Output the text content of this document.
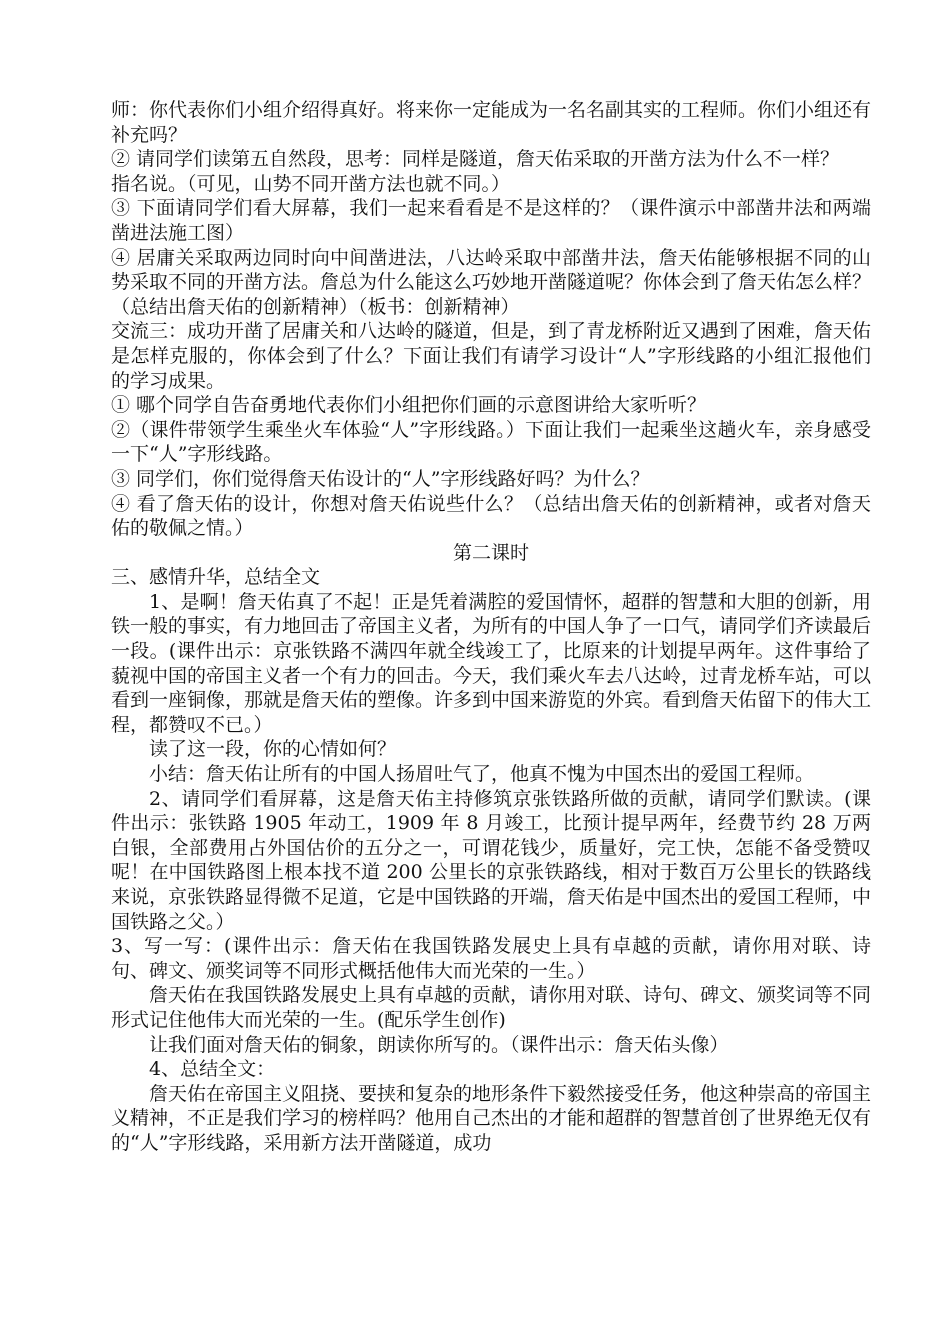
师：你代表你们小组介绍得真好。将来你一定能成为一名名副其实的工程师。你们小组还有补充吗？

② 请同学们读第五自然段，思考：同样是隧道，詹天佑采取的开凿方法为什么不一样？

指名说。（可见，山势不同开凿方法也就不同。）

③ 下面请同学们看大屏幕，我们一起来看看是不是这样的？（课件演示中部凿井法和两端凿进法施工图）

④ 居庸关采取两边同时向中间凿进法，八达岭采取中部凿井法，詹天佑能够根据不同的山势采取不同的开凿方法。詹总为什么能这么巧妙地开凿隧道呢？你体会到了詹天佑怎么样？（总结出詹天佑的创新精神）（板书：创新精神）

交流三：成功开凿了居庸关和八达岭的隧道，但是，到了青龙桥附近又遇到了困难，詹天佑是怎样克服的，你体会到了什么？下面让我们有请学习设计“人”字形线路的小组汇报他们的学习成果。

① 哪个同学自告奋勇地代表你们小组把你们画的示意图讲给大家听听？

②（课件带领学生乘坐火车体验“人”字形线路。）下面让我们一起乘坐这趟火车，亲身感受一下“人”字形线路。

③ 同学们，你们觉得詹天佑设计的“人”字形线路好吗？为什么？

④ 看了詹天佑的设计，你想对詹天佑说些什么？（总结出詹天佑的创新精神，或者对詹天佑的敬佩之情。）

第二课时

三、感情升华，总结全文

1、是啊！詹天佑真了不起！正是凭着满腔的爱国情怀，超群的智慧和大胆的创新，用铁一般的事实，有力地回击了帝国主义者，为所有的中国人争了一口气，请同学们齐读最后一段。(课件出示：京张铁路不满四年就全线竣工了，比原来的计划提早两年。这件事给了藐视中国的帝国主义者一个有力的回击。今天，我们乘火车去八达岭，过青龙桥车站，可以看到一座铜像，那就是詹天佑的塑像。许多到中国来游览的外宾。看到詹天佑留下的伟大工程，都赞叹不已。）

读了这一段，你的心情如何？

小结：詹天佑让所有的中国人扬眉吐气了，他真不愧为中国杰出的爱国工程师。

2、请同学们看屏幕，这是詹天佑主持修筑京张铁路所做的贡献，请同学们默读。(课件出示：张铁路 1905 年动工，1909 年 8 月竣工，比预计提早两年，经费节约 28 万两白银，全部费用占外国估价的五分之一，可谓花钱少，质量好，完工快，怎能不备受赞叹呢！在中国铁路图上根本找不道 200 公里长的京张铁路线，相对于数百万公里长的铁路线来说，京张铁路显得微不足道，它是中国铁路的开端，詹天佑是中国杰出的爱国工程师，中国铁路之父。）

3、写一写：(课件出示：詹天佑在我国铁路发展史上具有卓越的贡献，请你用对联、诗句、碑文、颁奖词等不同形式概括他伟大而光荣的一生。）

詹天佑在我国铁路发展史上具有卓越的贡献，请你用对联、诗句、碑文、颁奖词等不同形式记住他伟大而光荣的一生。(配乐学生创作)

让我们面对詹天佑的铜象，朗读你所写的。（课件出示：詹天佑头像）

4、总结全文：

詹天佑在帝国主义阻挠、要挟和复杂的地形条件下毅然接受任务，他这种崇高的帝国主义精神，不正是我们学习的榜样吗？他用自己杰出的才能和超群的智慧首创了世界绝无仅有的“人”字形线路，采用新方法开凿隧道，成功
